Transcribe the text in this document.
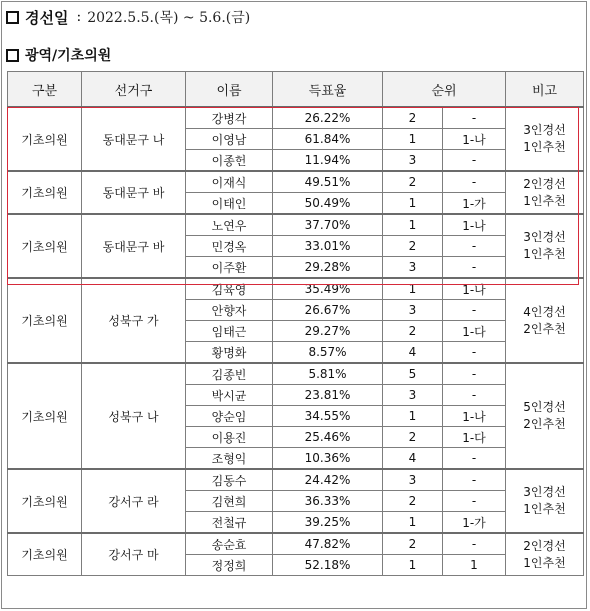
경선일 : 2022.5.5.(목) ~ 5.6.(금)
광역/기초의원
구분	선거구	이름	득표율	순위		비고
기초의원	동대문구 나	강병각	26.22%	2	-	3인경선
1인추천

		이영남	61.84%	1	1-나	
		이종헌	11.94%	3	-	
기초의원	동대문구 바	이재식	49.51%	2	-	2인경선
1인추천

		이태인	50.49%	1	1-가	
기초의원	동대문구 바	노연우	37.70%	1	1-나	3인경선
1인추천

		민경옥	33.01%	2	-	
		이주환	29.28%	3	-	
기초의원	성북구 가	김육영	35.49%	1	1-나	4인경선
2인추천

		안향자	26.67%	3	-	
		임태근	29.27%	2	1-다	
		황명화	8.57%	4	-	
기초의원	성북구 나	김종빈	5.81%	5	-	5인경선
2인추천

		박시균	23.81%	3	-	
		양순임	34.55%	1	1-나	
		이용진	25.46%	2	1-다	
		조형익	10.36%	4	-	
기초의원	강서구 라	김동수	24.42%	3	-	3인경선
1인추천

		김현희	36.33%	2	-	
		전철규	39.25%	1	1-가	
기초의원	강서구 마	송순효	47.82%	2	-	2인경선
1인추천

		정정희	52.18%	1	1	
